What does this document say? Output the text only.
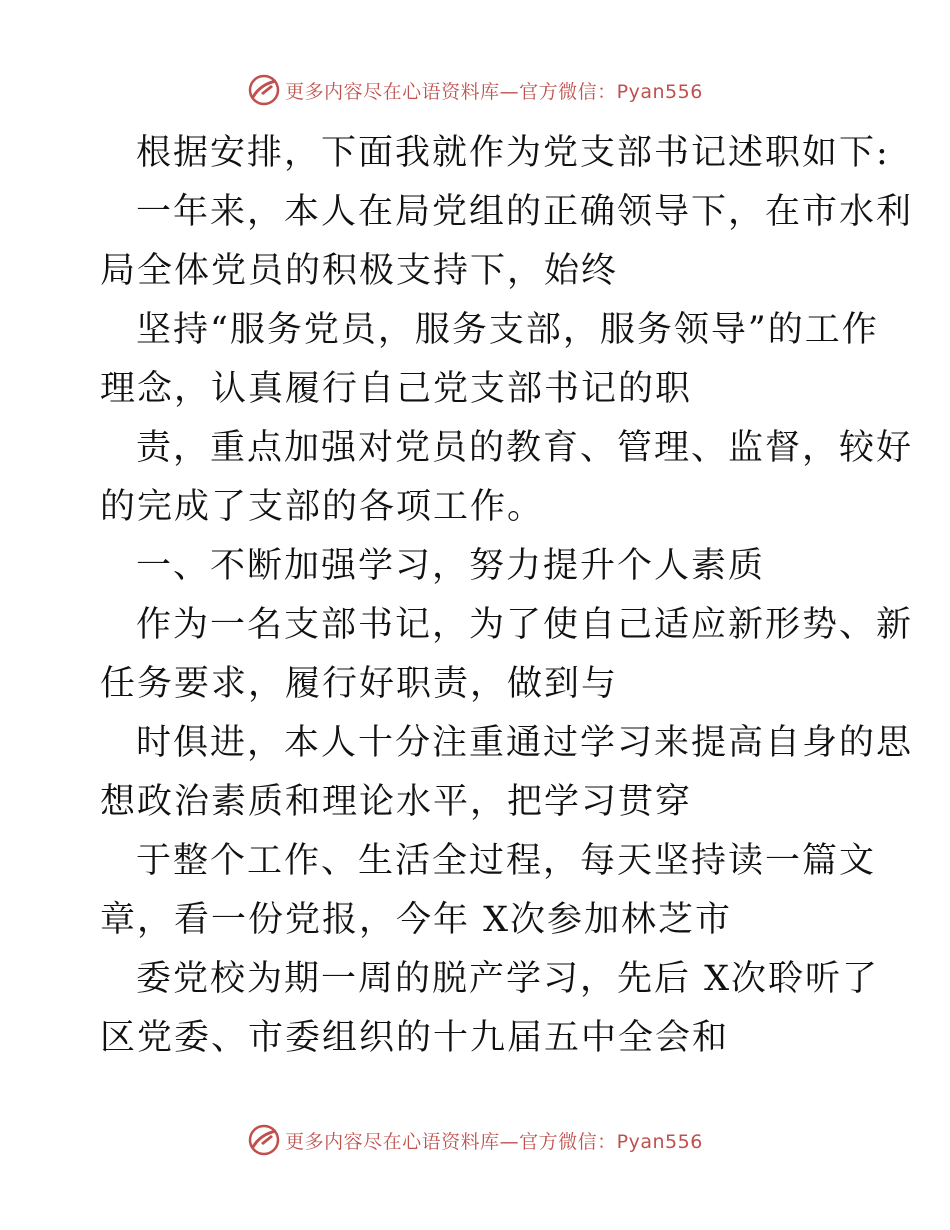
更多内容尽在心语资料库—官方微信：Pyan556
根据安排，下面我就作为党支部书记述职如下:
一年来，本人在局党组的正确领导下，在市水利
局全体党员的积极支持下，始终
坚持“服务党员，服务支部，服务领导”的工作
理念，认真履行自己党支部书记的职
责，重点加强对党员的教育、管理、监督，较好
的完成了支部的各项工作。
一、不断加强学习，努力提升个人素质
作为一名支部书记，为了使自己适应新形势、新
任务要求，履行好职责，做到与
时俱进，本人十分注重通过学习来提高自身的思
想政治素质和理论水平，把学习贯穿
于整个工作、生活全过程，每天坚持读一篇文
章，看一份党报，今年 X次参加林芝市
委党校为期一周的脱产学习，先后 X次聆听了
区党委、市委组织的十九届五中全会和
更多内容尽在心语资料库—官方微信：Pyan556
